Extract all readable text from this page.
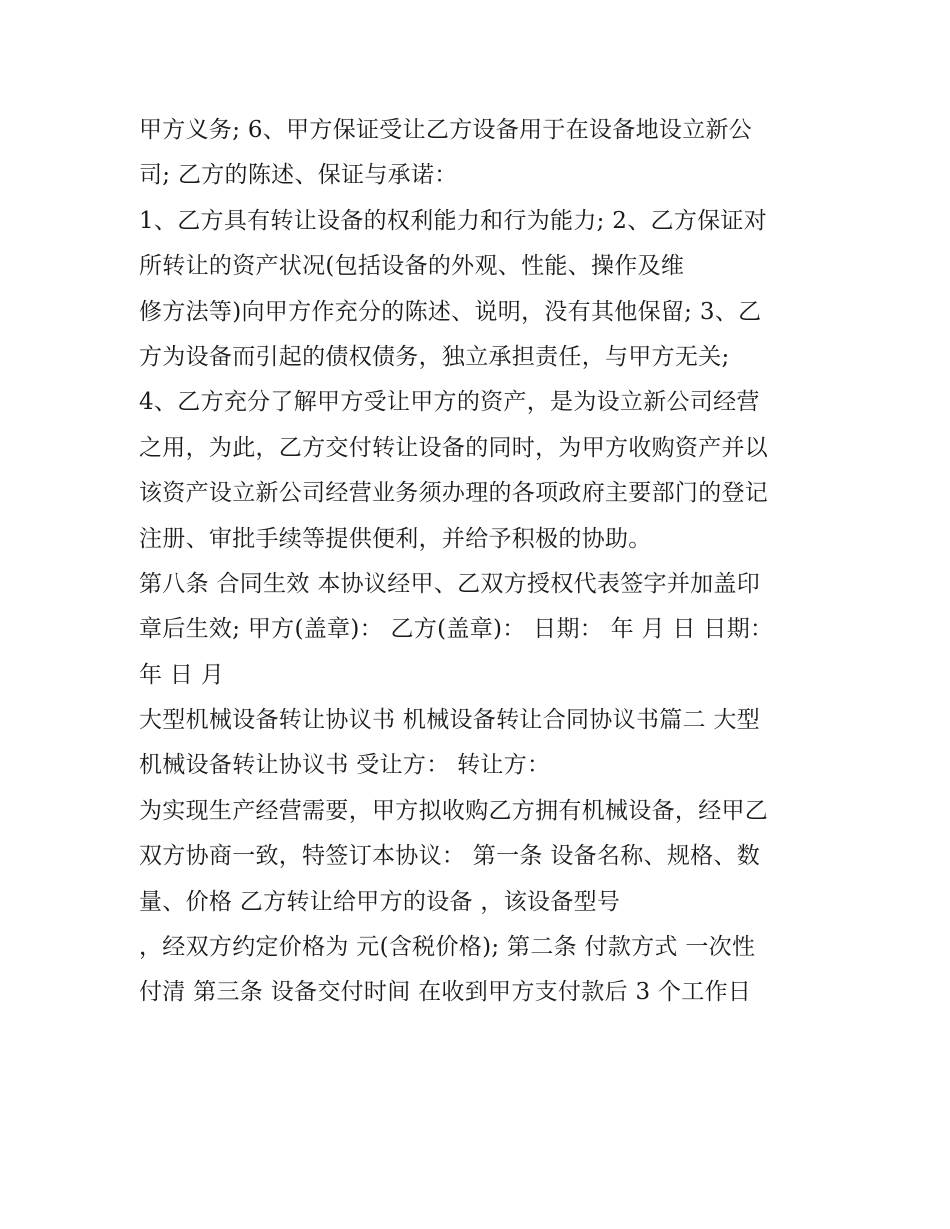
甲方义务; 6、甲方保证受让乙方设备用于在设备地设立新公
司; 乙方的陈述、保证与承诺：
1、乙方具有转让设备的权利能力和行为能力; 2、乙方保证对
所转让的资产状况(包括设备的外观、性能、操作及维
修方法等)向甲方作充分的陈述、说明，没有其他保留; 3、乙
方为设备而引起的债权债务，独立承担责任，与甲方无关;
4、乙方充分了解甲方受让甲方的资产，是为设立新公司经营
之用，为此，乙方交付转让设备的同时，为甲方收购资产并以
该资产设立新公司经营业务须办理的各项政府主要部门的登记
注册、审批手续等提供便利，并给予积极的协助。
第八条 合同生效 本协议经甲、乙双方授权代表签字并加盖印
章后生效; 甲方(盖章)： 乙方(盖章)： 日期： 年 月 日 日期：
年 日 月
大型机械设备转让协议书 机械设备转让合同协议书篇二 大型
机械设备转让协议书 受让方： 转让方：
为实现生产经营需要，甲方拟收购乙方拥有机械设备，经甲乙
双方协商一致，特签订本协议： 第一条 设备名称、规格、数
量、价格 乙方转让给甲方的设备 ，该设备型号
，经双方约定价格为 元(含税价格); 第二条 付款方式 一次性
付清 第三条 设备交付时间 在收到甲方支付款后 3 个工作日
